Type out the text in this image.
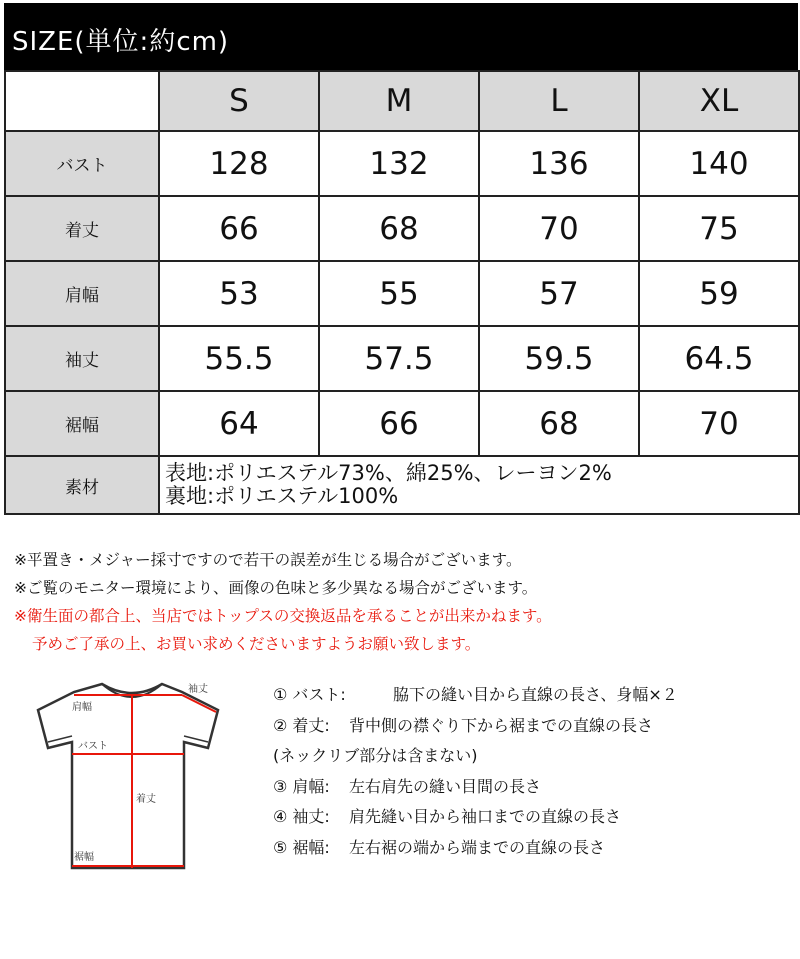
SIZE(単位:約cm)
	S	M	L	XL
バスト	128	132	136	140
着丈	66	68	70	75
肩幅	53	55	57	59
袖丈	55.5	57.5	59.5	64.5
裾幅	64	66	68	70
素材	表地:ポリエステル73%、綿25%、レーヨン2%
裏地:ポリエステル100%			
※平置き・メジャー採寸ですので若干の誤差が生じる場合がございます。
※ご覧のモニター環境により、画像の色味と多少異なる場合がございます。
※衛生面の都合上、当店ではトップスの交換返品を承ることが出来かねます。
予めご了承の上、お買い求めくださいますようお願い致します。
肩幅
袖丈
バスト
着丈
裾幅
① バスト:	脇下の縫い目から直線の長さ、身幅×２
② 着丈: 背中側の襟ぐり下から裾までの直線の長さ
(ネックリブ部分は含まない)
③ 肩幅: 左右肩先の縫い目間の長さ
④ 袖丈: 肩先縫い目から袖口までの直線の長さ
⑤ 裾幅: 左右裾の端から端までの直線の長さ
